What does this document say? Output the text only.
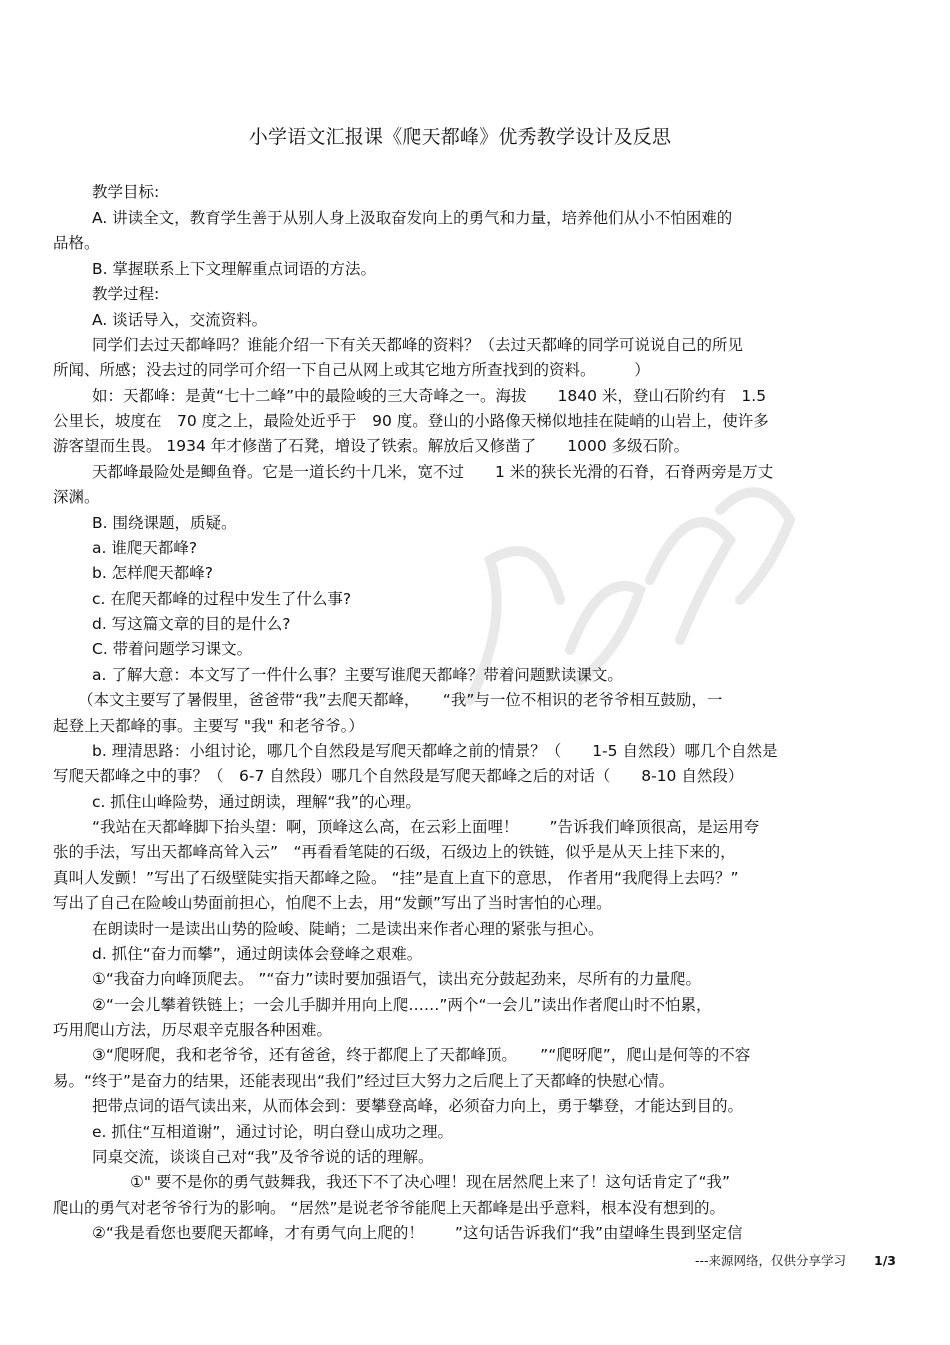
小学语文汇报课《爬天都峰》优秀教学设计及反思
教学目标:
A. 讲读全文，教育学生善于从别人身上汲取奋发向上的勇气和力量，培养他们从小不怕困难的
品格。
B. 掌握联系上下文理解重点词语的方法。
教学过程:
A. 谈话导入，交流资料。
同学们去过天都峰吗？谁能介绍一下有关天都峰的资料？（去过天都峰的同学可说说自己的所见
所闻、所感；没去过的同学可介绍一下自己从网上或其它地方所查找到的资料。　　　）
如：天都峰：是黄“七十二峰”中的最险峻的三大奇峰之一。海拔　　1840 米，登山石阶约有　1.5
公里长，坡度在　70 度之上，最险处近乎于　90 度。登山的小路像天梯似地挂在陡峭的山岩上，使许多
游客望而生畏。 1934 年才修凿了石凳，增设了铁索。解放后又修凿了　　1000 多级石阶。
天都峰最险处是鲫鱼脊。它是一道长约十几米，宽不过　　1 米的狭长光滑的石脊，石脊两旁是万丈
深渊。
B. 围绕课题，质疑。
a. 谁爬天都峰?
b. 怎样爬天都峰?
c. 在爬天都峰的过程中发生了什么事?
d. 写这篇文章的目的是什么?
C. 带着问题学习课文。
a. 了解大意：本文写了一件什么事？主要写谁爬天都峰？带着问题默读课文。
（本文主要写了暑假里，爸爸带“我”去爬天都峰，　　“我”与一位不相识的老爷爷相互鼓励，一
起登上天都峰的事。主要写 "我" 和老爷爷。）
b. 理清思路：小组讨论，哪几个自然段是写爬天都峰之前的情景？（　　1-5 自然段）哪几个自然是
写爬天都峰之中的事？（　6-7 自然段）哪几个自然段是写爬天都峰之后的对话（　　8-10 自然段）
c. 抓住山峰险势，通过朗读，理解“我”的心理。
“我站在天都峰脚下抬头望：啊，顶峰这么高，在云彩上面哩！　　”告诉我们峰顶很高，是运用夸
张的手法，写出天都峰高耸入云”　“再看看笔陡的石级，石级边上的铁链，似乎是从天上挂下来的，
真叫人发颤！”写出了石级壁陡实指天都峰之险。 “挂”是直上直下的意思， 作者用“我爬得上去吗？”
写出了自己在险峻山势面前担心，怕爬不上去，用“发颤”写出了当时害怕的心理。
在朗读时一是读出山势的险峻、陡峭；二是读出来作者心理的紧张与担心。
d. 抓住“奋力而攀”，通过朗读体会登峰之艰难。
①“我奋力向峰顶爬去。 ”“奋力”读时要加强语气，读出充分鼓起劲来，尽所有的力量爬。
②“一会儿攀着铁链上；一会儿手脚并用向上爬……”两个“一会儿”读出作者爬山时不怕累，
巧用爬山方法，历尽艰辛克服各种困难。
③“爬呀爬，我和老爷爷，还有爸爸，终于都爬上了天都峰顶。　　”“爬呀爬”，爬山是何等的不容
易。“终于”是奋力的结果，还能表现出“我们”经过巨大努力之后爬上了天都峰的快慰心情。
把带点词的语气读出来，从而体会到：要攀登高峰，必须奋力向上，勇于攀登，才能达到目的。
e. 抓住“互相道谢”，通过讨论，明白登山成功之理。
同桌交流，谈谈自己对“我”及爷爷说的话的理解。
①" 要不是你的勇气鼓舞我，我还下不了决心哩！现在居然爬上来了！这句话肯定了“我”
爬山的勇气对老爷爷行为的影响。 “居然”是说老爷爷能爬上天都峰是出乎意料，根本没有想到的。
②“我是看您也要爬天都峰，才有勇气向上爬的！　　”这句话告诉我们“我”由望峰生畏到坚定信
---来源网络，仅供分享学习 1/3
